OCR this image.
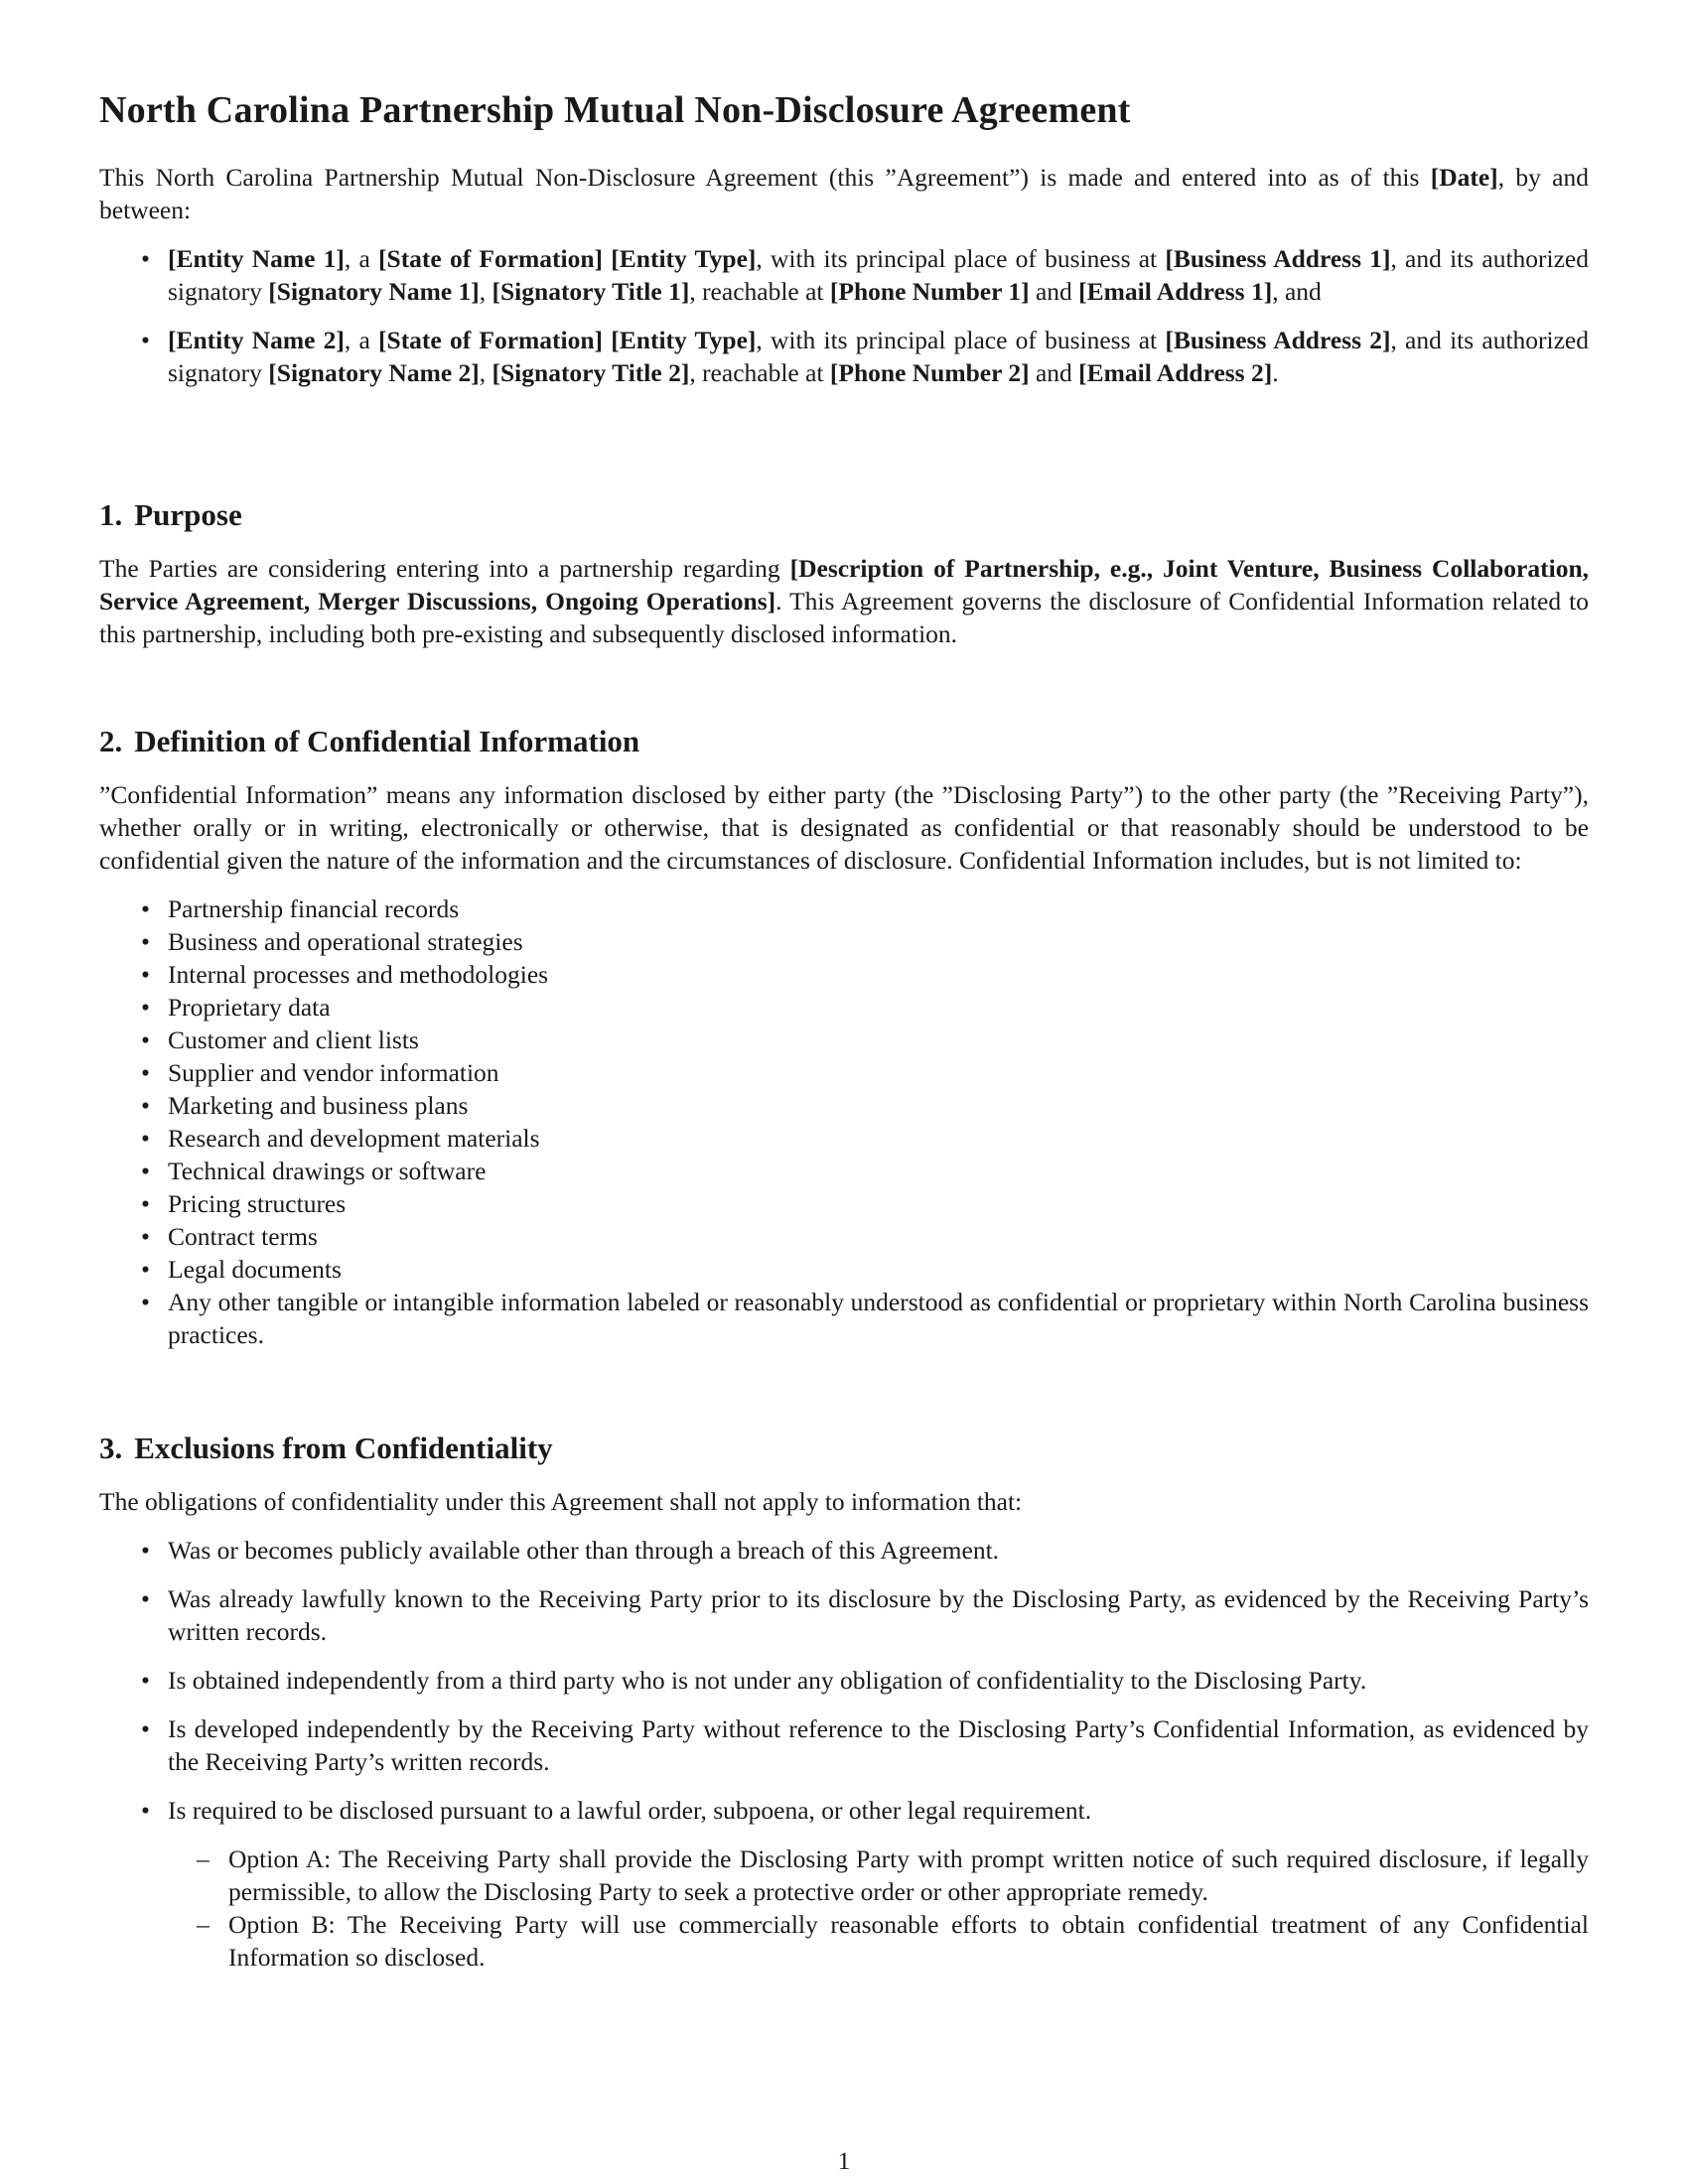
North Carolina Partnership Mutual Non-Disclosure Agreement

This North Carolina Partnership Mutual Non-Disclosure Agreement (this ”Agreement”) is made and entered into as of this [Date], by and between:

• [Entity Name 1], a [State of Formation] [Entity Type], with its principal place of business at [Business Address 1], and its authorized signatory [Signatory Name 1], [Signatory Title 1], reachable at [Phone Number 1] and [Email Address 1], and
• [Entity Name 2], a [State of Formation] [Entity Type], with its principal place of business at [Business Address 2], and its authorized signatory [Signatory Name 2], [Signatory Title 2], reachable at [Phone Number 2] and [Email Address 2].
1. Purpose

The Parties are considering entering into a partnership regarding [Description of Partnership, e.g., Joint Venture, Business Collaboration, Service Agreement, Merger Discussions, Ongoing Operations]. This Agreement governs the disclosure of Confidential Information related to this partnership, including both pre-existing and subsequently disclosed information.

2. Definition of Confidential Information

”Confidential Information” means any information disclosed by either party (the ”Disclosing Party”) to the other party (the ”Receiving Party”), whether orally or in writing, electronically or otherwise, that is designated as confidential or that reasonably should be understood to be confidential given the nature of the information and the circumstances of disclosure. Confidential Information includes, but is not limited to:

• Partnership financial records
• Business and operational strategies
• Internal processes and methodologies
• Proprietary data
• Customer and client lists
• Supplier and vendor information
• Marketing and business plans
• Research and development materials
• Technical drawings or software
• Pricing structures
• Contract terms
• Legal documents
• Any other tangible or intangible information labeled or reasonably understood as confidential or proprietary within North Carolina business practices.
3. Exclusions from Confidentiality

The obligations of confidentiality under this Agreement shall not apply to information that:

• Was or becomes publicly available other than through a breach of this Agreement.
• Was already lawfully known to the Receiving Party prior to its disclosure by the Disclosing Party, as evidenced by the Receiving Party’s written records.
• Is obtained independently from a third party who is not under any obligation of confidentiality to the Disclosing Party.
• Is developed independently by the Receiving Party without reference to the Disclosing Party’s Confidential Information, as evidenced by the Receiving Party’s written records.
• Is required to be disclosed pursuant to a lawful order, subpoena, or other legal requirement.
– Option A: The Receiving Party shall provide the Disclosing Party with prompt written notice of such required disclosure, if legally permissible, to allow the Disclosing Party to seek a protective order or other appropriate remedy.
– Option B: The Receiving Party will use commercially reasonable efforts to obtain confidential treatment of any Confidential Information so disclosed.
1
